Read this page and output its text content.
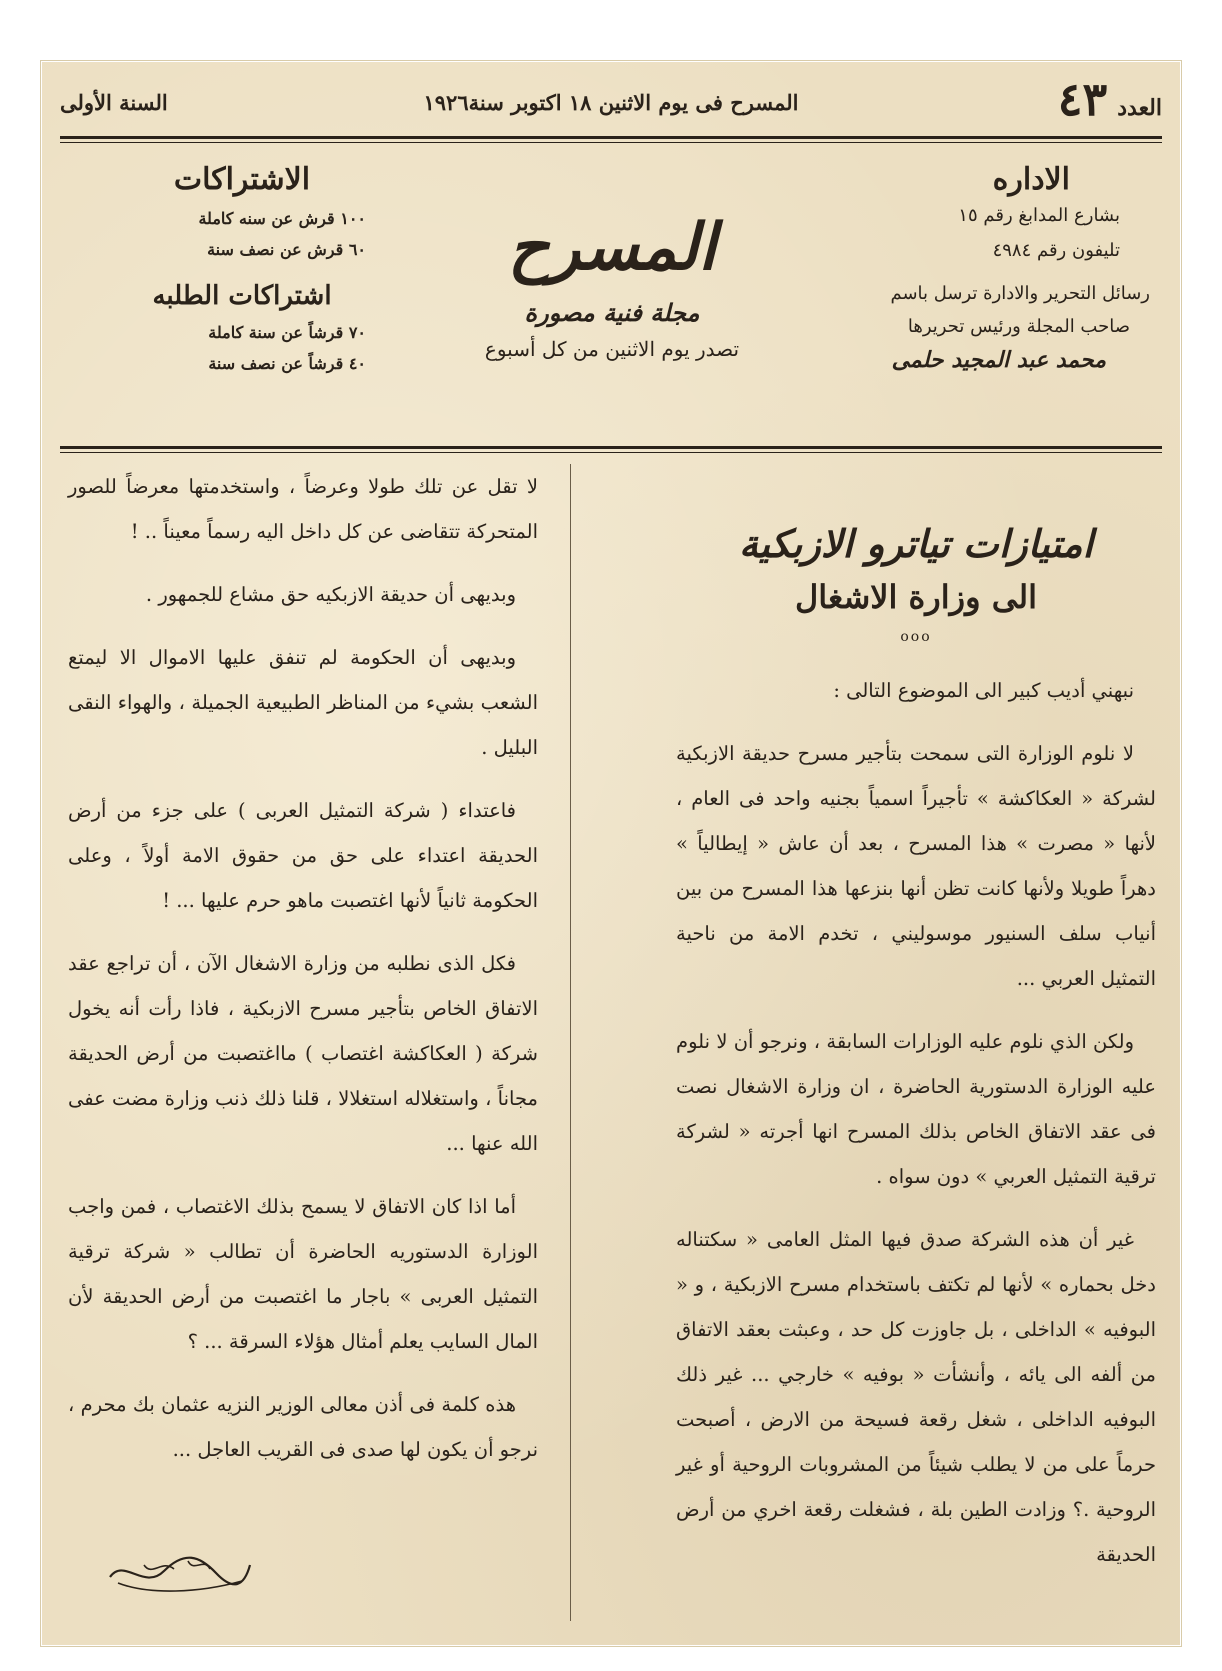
العدد
٤٣
المسرح فى يوم الاثنين ١٨ اكتوبر سنة١٩٢٦
السنة الأولى
الاداره
بشارع المدابغ رقم ١٥
تليفون رقم ٤٩٨٤
رسائل التحرير والادارة ترسل باسم
صاحب المجلة ورئيس تحريرها
محمد عبد المجيد حلمى
المسرح
مجلة فنية مصورة
تصدر يوم الاثنين من كل أسبوع
الاشتراكات
١٠٠ قرش عن سنه كاملة
٦٠ قرش عن نصف سنة
اشتراكات الطلبه
٧٠ قرشاً عن سنة كاملة
٤٠ قرشاً عن نصف سنة
امتيازات تياترو الازبكية
الى وزارة الاشغال
ooo

نبهني أديب كبير الى الموضوع التالى :

لا نلوم الوزارة التى سمحت بتأجير مسرح حديقة الازبكية لشركة « العكاكشة » تأجيراً اسمياً بجنيه واحد فى العام ، لأنها « مصرت » هذا المسرح ، بعد أن عاش « إيطالياً » دهراً طويلا ولأنها كانت تظن أنها بنزعها هذا المسرح من بين أنياب سلف السنيور موسوليني ، تخدم الامة من ناحية التمثيل العربي ...

ولكن الذي نلوم عليه الوزارات السابقة ، ونرجو أن لا نلوم عليه الوزارة الدستورية الحاضرة ، ان وزارة الاشغال نصت فى عقد الاتفاق الخاص بذلك المسرح انها أجرته « لشركة ترقية التمثيل العربي » دون سواه .

غير أن هذه الشركة صدق فيها المثل العامى « سكتناله دخل بحماره » لأنها لم تكتف باستخدام مسرح الازبكية ، و « البوفيه » الداخلى ، بل جاوزت كل حد ، وعبثت بعقد الاتفاق من ألفه الى يائه ، وأنشأت « بوفيه » خارجي ... غير ذلك البوفيه الداخلى ، شغل رقعة فسيحة من الارض ، أصبحت حرماً على من لا يطلب شيئاً من المشروبات الروحية أو غير الروحية .؟ وزادت الطين بلة ، فشغلت رقعة اخري من أرض الحديقة

لا تقل عن تلك طولا وعرضاً ، واستخدمتها معرضاً للصور المتحركة تتقاضى عن كل داخل اليه رسماً معيناً .. !

وبديهى أن حديقة الازبكيه حق مشاع للجمهور .

وبديهى أن الحكومة لم تنفق عليها الاموال الا ليمتع الشعب بشيء من المناظر الطبيعية الجميلة ، والهواء النقى البليل .

فاعتداء ( شركة التمثيل العربى ) على جزء من أرض الحديقة اعتداء على حق من حقوق الامة أولاً ، وعلى الحكومة ثانياً لأنها اغتصبت ماهو حرم عليها ... !

فكل الذى نطلبه من وزارة الاشغال الآن ، أن تراجع عقد الاتفاق الخاص بتأجير مسرح الازبكية ، فاذا رأت أنه يخول شركة ( العكاكشة اغتصاب ) مااغتصبت من أرض الحديقة مجاناً ، واستغلاله استغلالا ، قلنا ذلك ذنب وزارة مضت عفى الله عنها ...

أما اذا كان الاتفاق لا يسمح بذلك الاغتصاب ، فمن واجب الوزارة الدستوريه الحاضرة أن تطالب « شركة ترقية التمثيل العربى » باجار ما اغتصبت من أرض الحديقة لأن المال السايب يعلم أمثال هؤلاء السرقة ... ؟

هذه كلمة فى أذن معالى الوزير النزيه عثمان بك محرم ، نرجو أن يكون لها صدى فى القريب العاجل ...
